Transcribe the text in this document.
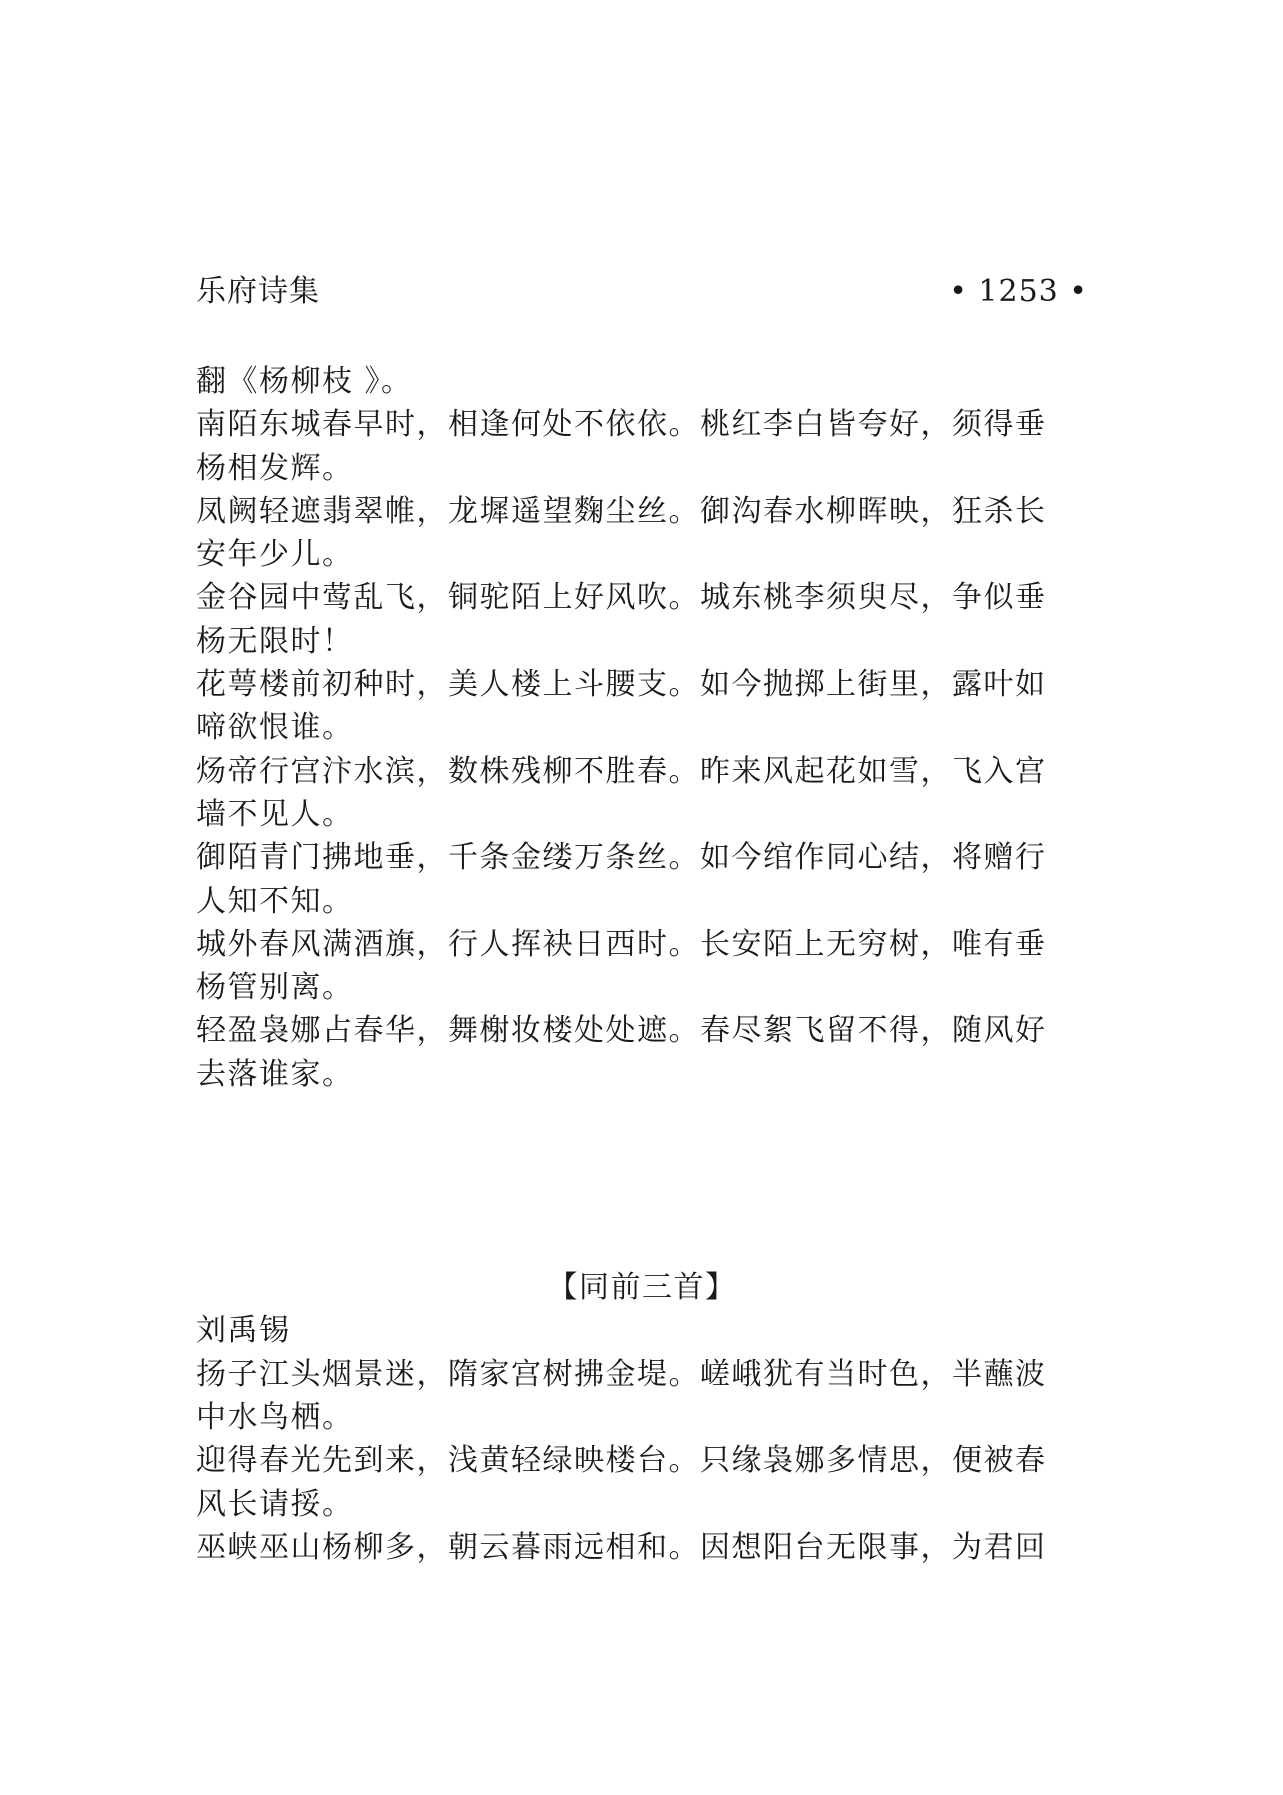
乐府诗集	• 1253 •
翻《杨柳枝 》。
南陌东城春早时，相逢何处不依依。桃红李白皆夸好，须得垂
杨相发辉。
凤阙轻遮翡翠帷，龙墀遥望麴尘丝。御沟春水柳晖映，狂杀长
安年少儿。
金谷园中莺乱飞，铜驼陌上好风吹。城东桃李须臾尽，争似垂
杨无限时！
花萼楼前初种时，美人楼上斗腰支。如今抛掷上街里，露叶如
啼欲恨谁。
炀帝行宫汴水滨，数株残柳不胜春。昨来风起花如雪，飞入宫
墙不见人。
御陌青门拂地垂，千条金缕万条丝。如今绾作同心结，将赠行
人知不知。
城外春风满酒旗，行人挥袂日西时。长安陌上无穷树，唯有垂
杨管别离。
轻盈袅娜占春华，舞榭妆楼处处遮。春尽絮飞留不得，随风好
去落谁家。
【同前三首】
刘禹锡
扬子江头烟景迷，隋家宫树拂金堤。嵯峨犹有当时色，半蘸波
中水鸟栖。
迎得春光先到来，浅黄轻绿映楼台。只缘袅娜多情思，便被春
风长请挼。
巫峡巫山杨柳多，朝云暮雨远相和。因想阳台无限事，为君回
